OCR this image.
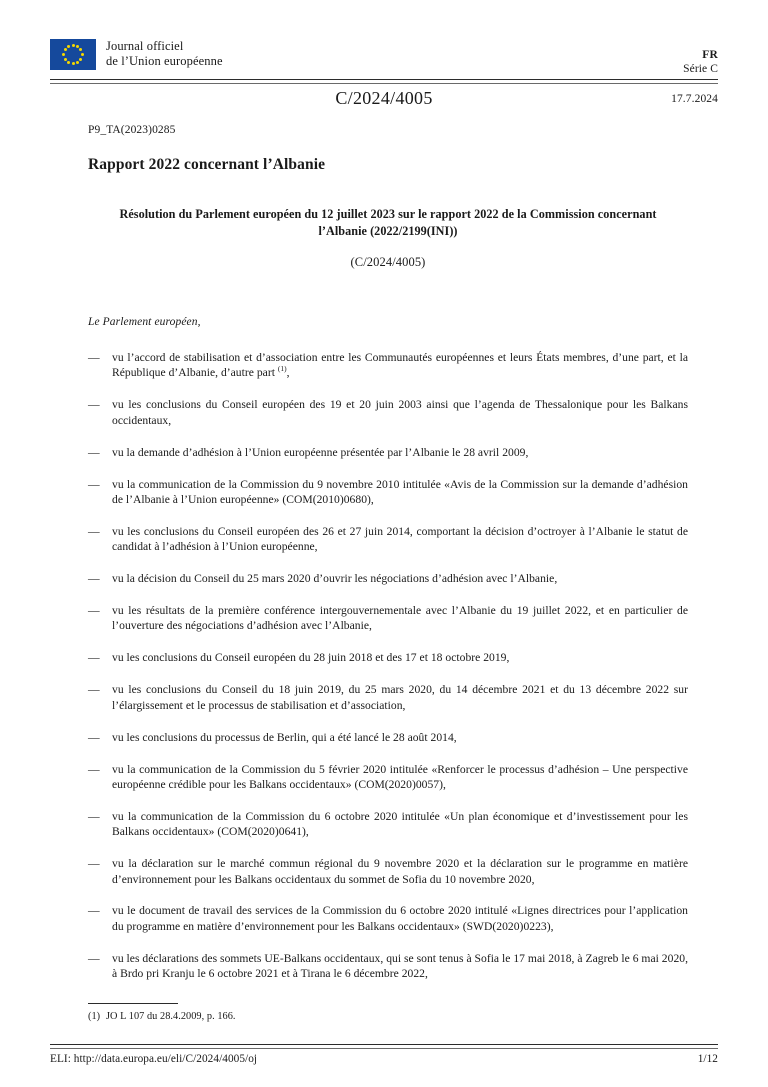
Journal officiel
de l’Union européenne	FR
Série C
C/2024/4005	17.7.2024
P9_TA(2023)0285
Rapport 2022 concernant l’Albanie

Résolution du Parlement européen du 12 juillet 2023 sur le rapport 2022 de la Commission concernant
l’Albanie (2022/2199(INI))

(C/2024/4005)

Le Parlement européen,

—	vu l’accord de stabilisation et d’association entre les Communautés européennes et leurs États membres, d’une part, et la République d’Albanie, d’autre part $^{(1)}$,
—	vu les conclusions du Conseil européen des 19 et 20 juin 2003 ainsi que l’agenda de Thessalonique pour les Balkans occidentaux,
—	vu la demande d’adhésion à l’Union européenne présentée par l’Albanie le 28 avril 2009,
—	vu la communication de la Commission du 9 novembre 2010 intitulée «Avis de la Commission sur la demande d’adhésion de l’Albanie à l’Union européenne» (COM(2010)0680),
—	vu les conclusions du Conseil européen des 26 et 27 juin 2014, comportant la décision d’octroyer à l’Albanie le statut de candidat à l’adhésion à l’Union européenne,
—	vu la décision du Conseil du 25 mars 2020 d’ouvrir les négociations d’adhésion avec l’Albanie,
—	vu les résultats de la première conférence intergouvernementale avec l’Albanie du 19 juillet 2022, et en particulier de l’ouverture des négociations d’adhésion avec l’Albanie,
—	vu les conclusions du Conseil européen du 28 juin 2018 et des 17 et 18 octobre 2019,
—	vu les conclusions du Conseil du 18 juin 2019, du 25 mars 2020, du 14 décembre 2021 et du 13 décembre 2022 sur l’élargissement et le processus de stabilisation et d’association,
—	vu les conclusions du processus de Berlin, qui a été lancé le 28 août 2014,
—	vu la communication de la Commission du 5 février 2020 intitulée «Renforcer le processus d’adhésion – Une perspective européenne crédible pour les Balkans occidentaux» (COM(2020)0057),
—	vu la communication de la Commission du 6 octobre 2020 intitulée «Un plan économique et d’investissement pour les Balkans occidentaux» (COM(2020)0641),
—	vu la déclaration sur le marché commun régional du 9 novembre 2020 et la déclaration sur le programme en matière d’environnement pour les Balkans occidentaux du sommet de Sofia du 10 novembre 2020,
—	vu le document de travail des services de la Commission du 6 octobre 2020 intitulé «Lignes directrices pour l’application du programme en matière d’environnement pour les Balkans occidentaux» (SWD(2020)0223),
—	vu les déclarations des sommets UE-Balkans occidentaux, qui se sont tenus à Sofia le 17 mai 2018, à Zagreb le 6 mai 2020, à Brdo pri Kranju le 6 octobre 2021 et à Tirana le 6 décembre 2022,
(1) JO L 107 du 28.4.2009, p. 166.
ELI: http://data.europa.eu/eli/C/2024/4005/oj	1/12
